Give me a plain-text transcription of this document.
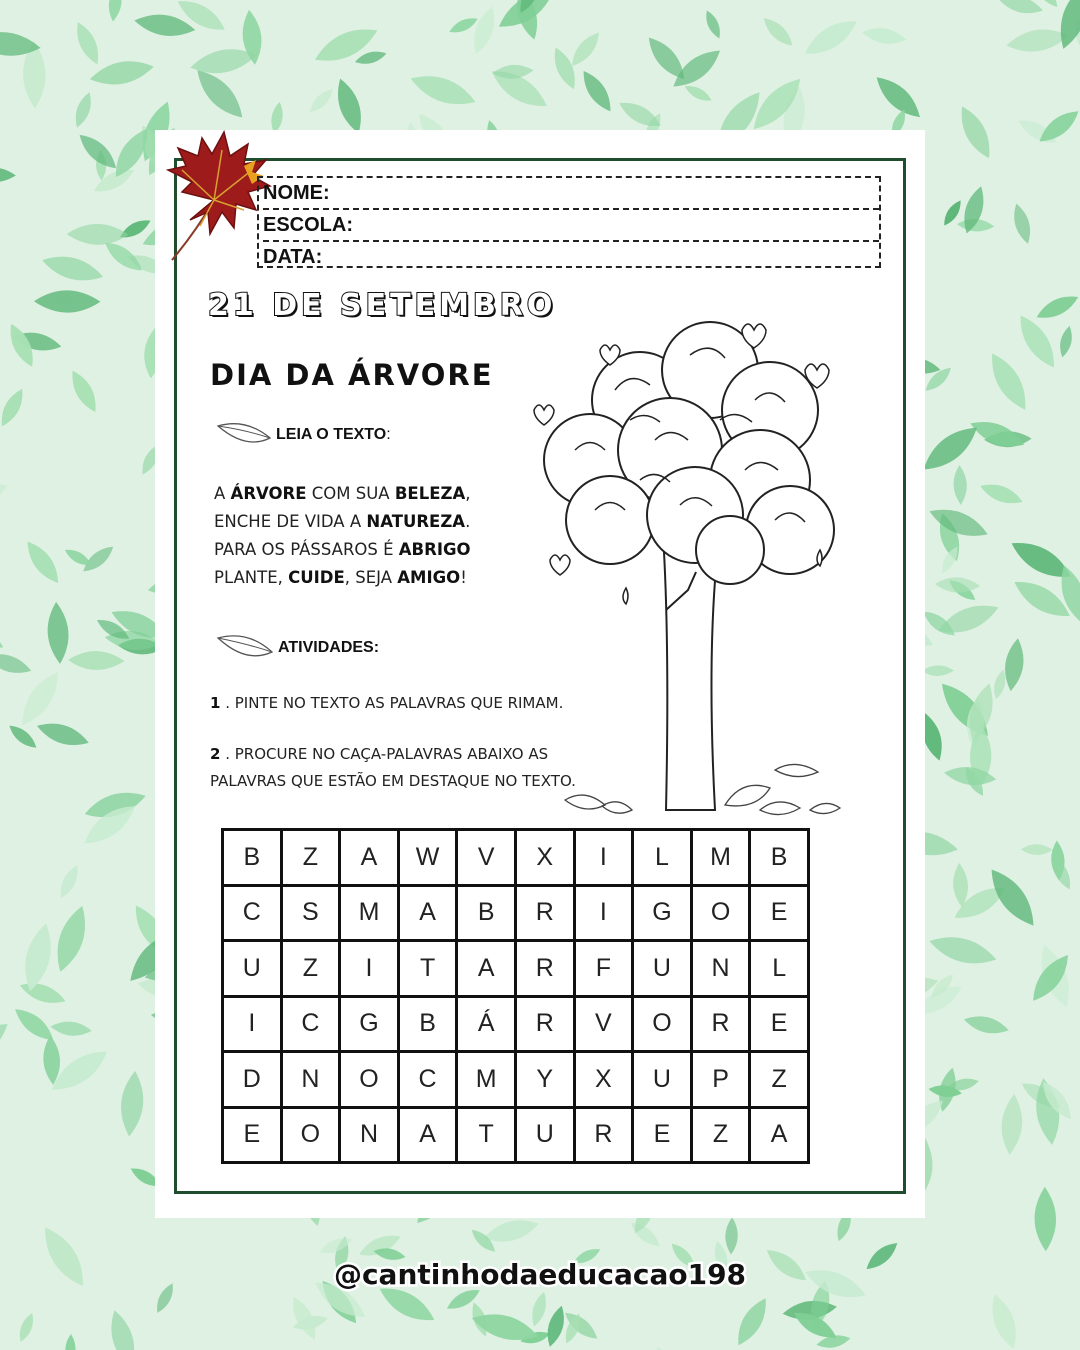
NOME:
ESCOLA:
DATA:
21 DE SETEMBRO
DIA DA ÁRVORE
LEIA O TEXTO :
A ÁRVORE COM SUA BELEZA,
ENCHE DE VIDA A NATUREZA.
PARA OS PÁSSAROS É ABRIGO
PLANTE, CUIDE, SEJA AMIGO!
ATIVIDADES:
1 . PINTE NO TEXTO AS PALAVRAS QUE RIMAM.
2 . PROCURE NO CAÇA-PALAVRAS ABAIXO AS
PALAVRAS QUE ESTÃO EM DESTAQUE NO TEXTO.
B	Z	A	W	V	X	I	L	M	B
C	S	M	A	B	R	I	G	O	E
U	Z	I	T	A	R	F	U	N	L
I	C	G	B	Á	R	V	O	R	E
D	N	O	C	M	Y	X	U	P	Z
E	O	N	A	T	U	R	E	Z	A
@cantinhodaeducacao198
